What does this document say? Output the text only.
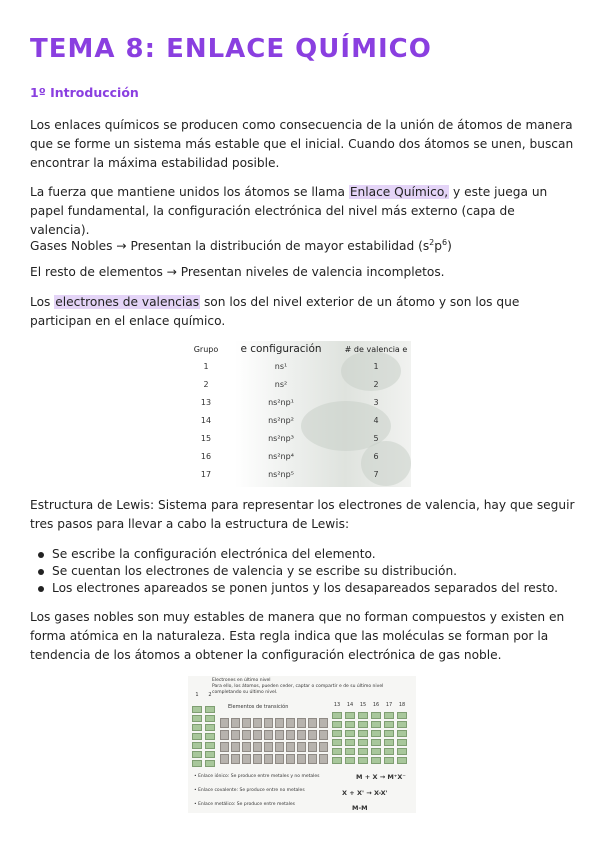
TEMA 8: ENLACE QUÍMICO
1º Introducción

Los enlaces químicos se producen como consecuencia de la unión de átomos de manera que se forme un sistema más estable que el inicial. Cuando dos átomos se unen, buscan encontrar la máxima estabilidad posible.

La fuerza que mantiene unidos los átomos se llama Enlace Químico, y este juega un papel fundamental, la configuración electrónica del nivel más externo (capa de valencia).

Gases Nobles → Presentan la distribución de mayor estabilidad $(s^2p^6)$

El resto de elementos → Presentan niveles de valencia incompletos.

Los electrones de valencias son los del nivel exterior de un átomo y son los que participan en el enlace químico.

Grupo	e configuración	# de valencia e
1	ns¹	1
2	ns²	2
13	ns²np¹	3
14	ns²np²	4
15	ns²np³	5
16	ns²np⁴	6
17	ns²np⁵	7

Estructura de Lewis: Sistema para representar los electrones de valencia, hay que seguir tres pasos para llevar a cabo la estructura de Lewis:

Se escribe la configuración electrónica del elemento.
Se cuentan los electrones de valencia y se escribe su distribución.
Los electrones apareados se ponen juntos y los desapareados separados del resto.

Los gases nobles son muy estables de manera que no forman compuestos y existen en forma atómica en la naturaleza. Esta regla indica que las moléculas se forman por la tendencia de los átomos a obtener la configuración electrónica de gas noble.

Electrones en último nivel
Para ello, los átomos, pueden ceder, captar o compartir e de su último nivel
completando su último nivel.
1	2
13	14	15	16	17	18
Elementos de transición
• Enlace iónico: Se produce entre metales y no metales
• Enlace covalente: Se produce entre no metales
• Enlace metálico: Se produce entre metales
M + X → M⁺X⁻
X + X' → X-X'
M-M
